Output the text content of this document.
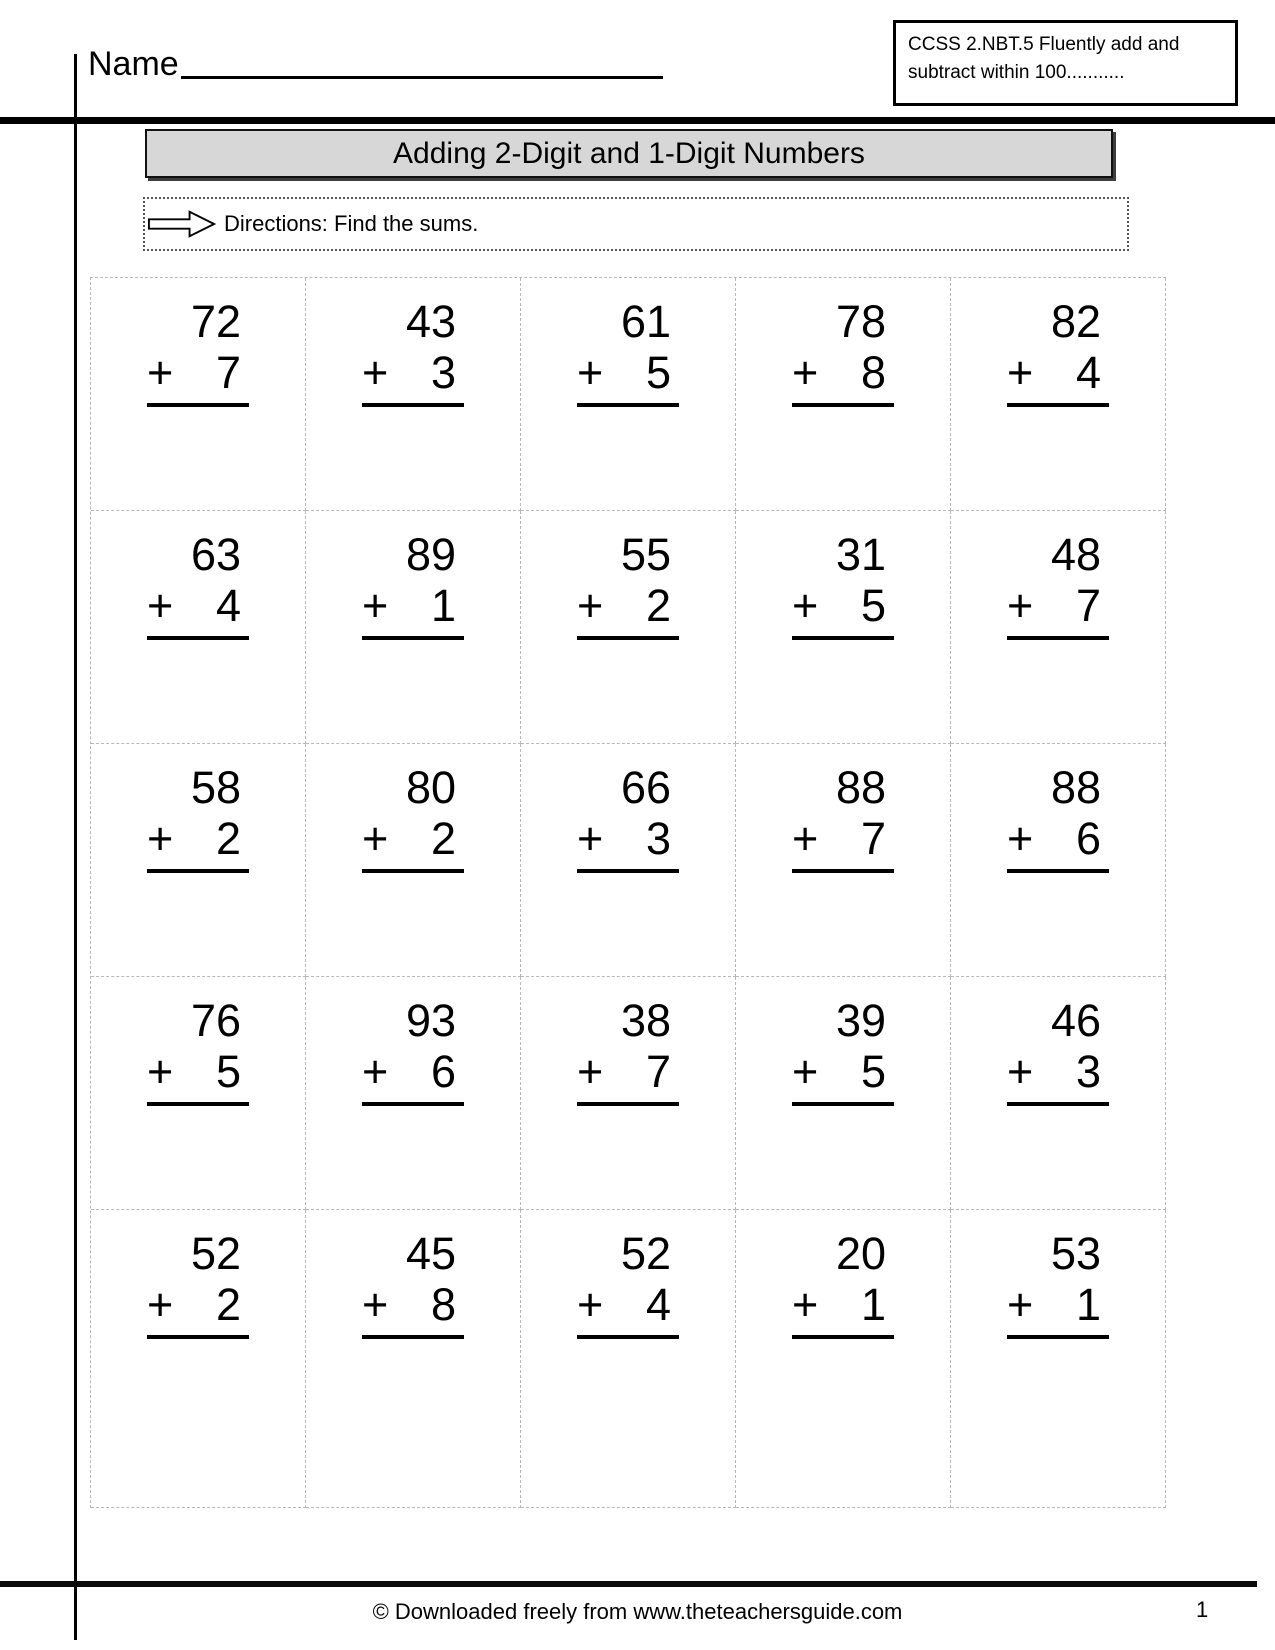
Name
CCSS 2.NBT.5 Fluently add and
subtract within 100...........
Adding 2-Digit and 1-Digit Numbers
Directions: Find the sums.
72
+ 7
43
+ 3
61
+ 5
78
+ 8
82
+ 4
63
+ 4
89
+ 1
55
+ 2
31
+ 5
48
+ 7
58
+ 2
80
+ 2
66
+ 3
88
+ 7
88
+ 6
76
+ 5
93
+ 6
38
+ 7
39
+ 5
46
+ 3
52
+ 2
45
+ 8
52
+ 4
20
+ 1
53
+ 1
© Downloaded freely from www.theteachersguide.com	1
